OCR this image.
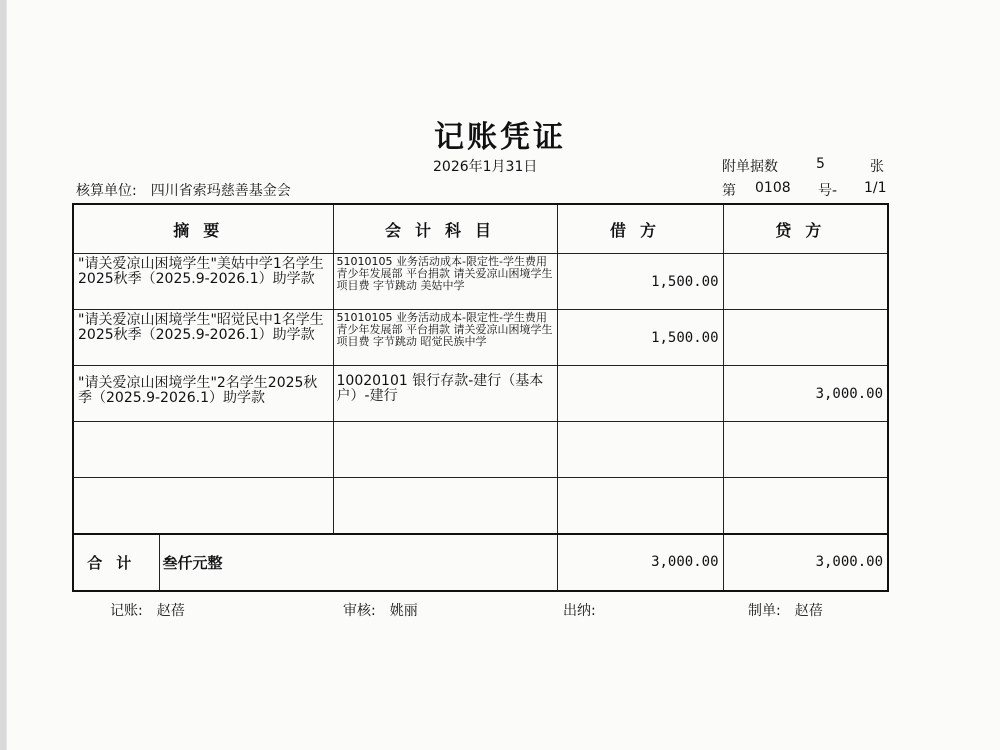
记账凭证
2026年1月31日
核算单位:　四川省索玛慈善基金会
附单据数	5	张
第 0108 号- 1/1
摘要		会计科目	借方	贷方
"请关爱凉山困境学生"美姑中学1名学生2025秋季（2025.9-2026.1）助学款		51010105 业务活动成本-限定性-学生费用 青少年发展部 平台捐款 请关爱凉山困境学生 项目费 字节跳动 美姑中学	1,500.00	
"请关爱凉山困境学生"昭觉民中1名学生2025秋季（2025.9-2026.1）助学款		51010105 业务活动成本-限定性-学生费用 青少年发展部 平台捐款 请关爱凉山困境学生 项目费 字节跳动 昭觉民族中学	1,500.00	
"请关爱凉山困境学生"2名学生2025秋季（2025.9-2026.1）助学款		10020101 银行存款-建行（基本户）-建行		3,000.00

合计	叁仟元整		3,000.00	3,000.00
记账:　赵蓓	审核:　姚丽	出纳:	制单:　赵蓓
